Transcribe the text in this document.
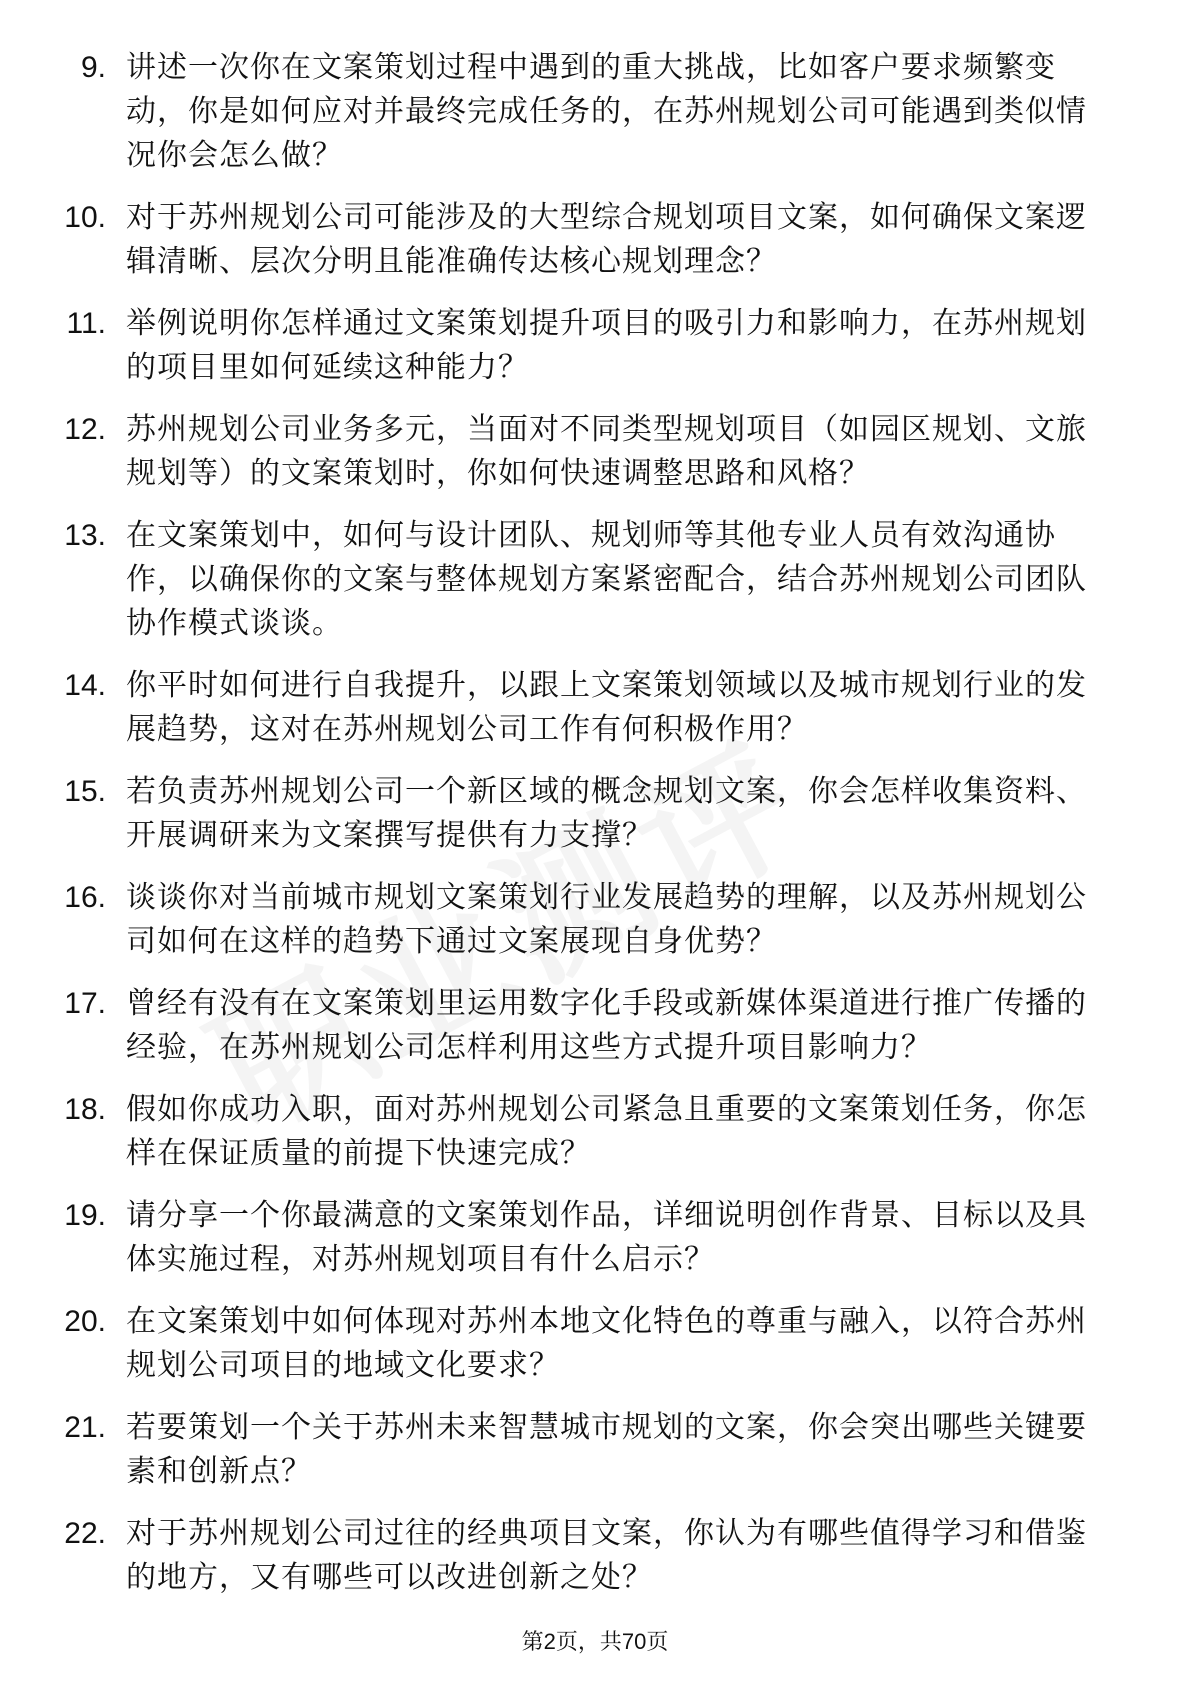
9. 讲述一次你在文案策划过程中遇到的重大挑战，比如客户要求频繁变动，你是如何应对并最终完成任务的，在苏州规划公司可能遇到类似情况你会怎么做？
10. 对于苏州规划公司可能涉及的大型综合规划项目文案，如何确保文案逻辑清晰、层次分明且能准确传达核心规划理念？
11. 举例说明你怎样通过文案策划提升项目的吸引力和影响力，在苏州规划的项目里如何延续这种能力？
12. 苏州规划公司业务多元，当面对不同类型规划项目（如园区规划、文旅规划等）的文案策划时，你如何快速调整思路和风格？
13. 在文案策划中，如何与设计团队、规划师等其他专业人员有效沟通协作，以确保你的文案与整体规划方案紧密配合，结合苏州规划公司团队协作模式谈谈。
14. 你平时如何进行自我提升，以跟上文案策划领域以及城市规划行业的发展趋势，这对在苏州规划公司工作有何积极作用？
15. 若负责苏州规划公司一个新区域的概念规划文案，你会怎样收集资料、开展调研来为文案撰写提供有力支撑？
16. 谈谈你对当前城市规划文案策划行业发展趋势的理解，以及苏州规划公司如何在这样的趋势下通过文案展现自身优势？
17. 曾经有没有在文案策划里运用数字化手段或新媒体渠道进行推广传播的经验，在苏州规划公司怎样利用这些方式提升项目影响力？
18. 假如你成功入职，面对苏州规划公司紧急且重要的文案策划任务，你怎样在保证质量的前提下快速完成？
19. 请分享一个你最满意的文案策划作品，详细说明创作背景、目标以及具体实施过程，对苏州规划项目有什么启示？
20. 在文案策划中如何体现对苏州本地文化特色的尊重与融入，以符合苏州规划公司项目的地域文化要求？
21. 若要策划一个关于苏州未来智慧城市规划的文案，你会突出哪些关键要素和创新点？
22. 对于苏州规划公司过往的经典项目文案，你认为有哪些值得学习和借鉴的地方，又有哪些可以改进创新之处？
第2页，共70页
